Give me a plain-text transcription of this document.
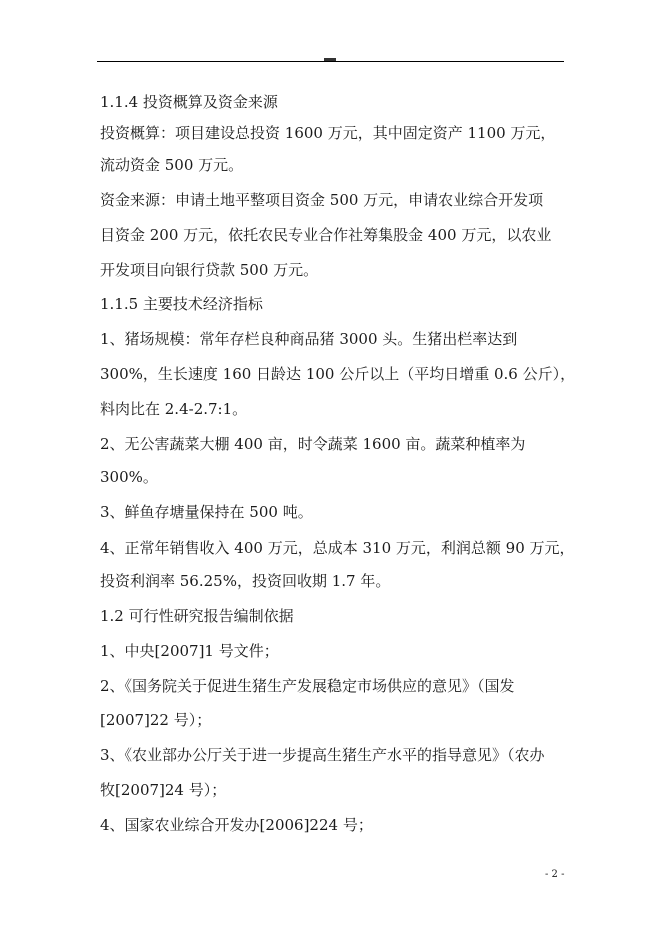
1.1.4 投资概算及资金来源
投资概算：项目建设总投资 1600 万元，其中固定资产 1100 万元，
流动资金 500 万元。
资金来源：申请土地平整项目资金 500 万元，申请农业综合开发项
目资金 200 万元，依托农民专业合作社筹集股金 400 万元，以农业
开发项目向银行贷款 500 万元。
1.1.5 主要技术经济指标
1、猪场规模：常年存栏良种商品猪 3000 头。生猪出栏率达到
300%，生长速度 160 日龄达 100 公斤以上（平均日增重 0.6 公斤），
料肉比在 2.4-2.7:1。
2、无公害蔬菜大棚 400 亩，时令蔬菜 1600 亩。蔬菜种植率为
300%。
3、鲜鱼存塘量保持在 500 吨。
4、正常年销售收入 400 万元，总成本 310 万元，利润总额 90 万元，
投资利润率 56.25%，投资回收期 1.7 年。
1.2 可行性研究报告编制依据
1、中央[2007]1 号文件；
2、《国务院关于促进生猪生产发展稳定市场供应的意见》（国发
[2007]22 号）；
3、《农业部办公厅关于进一步提高生猪生产水平的指导意见》（农办
牧[2007]24 号）；
4、国家农业综合开发办[2006]224 号；
- 2 -
